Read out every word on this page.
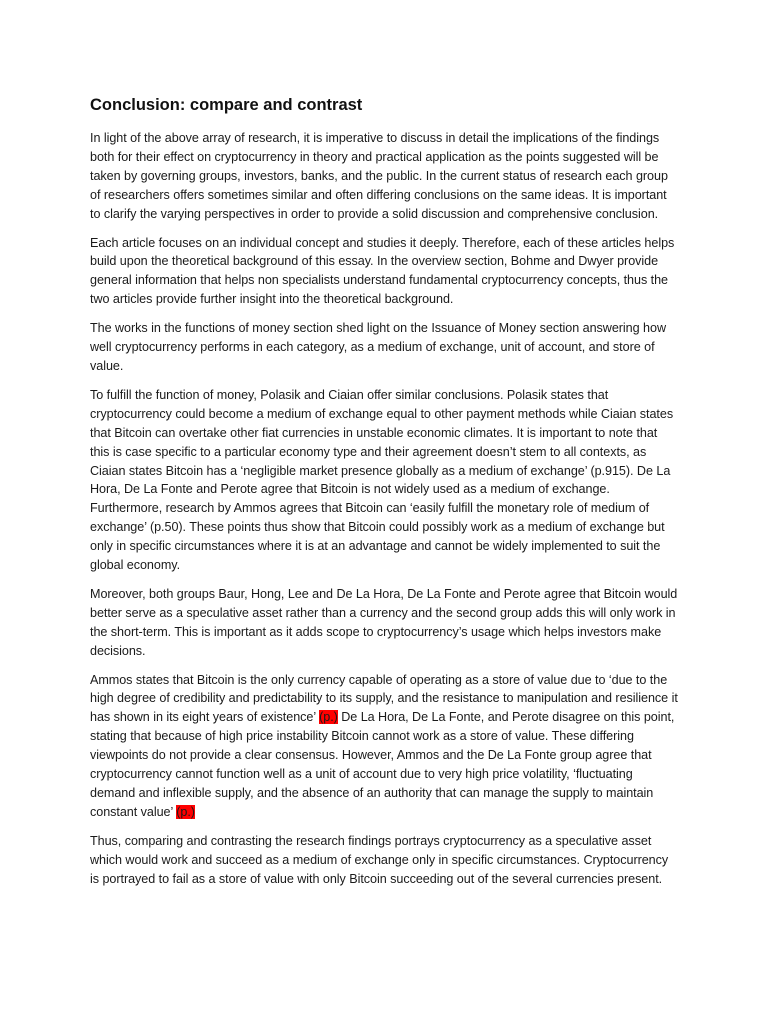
Conclusion: compare and contrast

In light of the above array of research, it is imperative to discuss in detail the implications of the findings both for their effect on cryptocurrency in theory and practical application as the points suggested will be taken by governing groups, investors, banks, and the public. In the current status of research each group of researchers offers sometimes similar and often differing conclusions on the same ideas. It is important to clarify the varying perspectives in order to provide a solid discussion and comprehensive conclusion.

Each article focuses on an individual concept and studies it deeply. Therefore, each of these articles helps build upon the theoretical background of this essay. In the overview section, Bohme and Dwyer provide general information that helps non specialists understand fundamental cryptocurrency concepts, thus the two articles provide further insight into the theoretical background.

The works in the functions of money section shed light on the Issuance of Money section answering how well cryptocurrency performs in each category, as a medium of exchange, unit of account, and store of value.

To fulfill the function of money, Polasik and Ciaian offer similar conclusions. Polasik states that cryptocurrency could become a medium of exchange equal to other payment methods while Ciaian states that Bitcoin can overtake other fiat currencies in unstable economic climates. It is important to note that this is case specific to a particular economy type and their agreement doesn’t stem to all contexts, as Ciaian states Bitcoin has a ‘negligible market presence globally as a medium of exchange’ (p.915). De La Hora, De La Fonte and Perote agree that Bitcoin is not widely used as a medium of exchange. Furthermore, research by Ammos agrees that Bitcoin can ‘easily fulfill the monetary role of medium of exchange’ (p.50). These points thus show that Bitcoin could possibly work as a medium of exchange but only in specific circumstances where it is at an advantage and cannot be widely implemented to suit the global economy.

Moreover, both groups Baur, Hong, Lee and De La Hora, De La Fonte and Perote agree that Bitcoin would better serve as a speculative asset rather than a currency and the second group adds this will only work in the short-term. This is important as it adds scope to cryptocurrency’s usage which helps investors make decisions.

Ammos states that Bitcoin is the only currency capable of operating as a store of value due to ‘due to the high degree of credibility and predictability to its supply, and the resistance to manipulation and resilience it has shown in its eight years of existence’ (p.) De La Hora, De La Fonte, and Perote disagree on this point, stating that because of high price instability Bitcoin cannot work as a store of value. These differing viewpoints do not provide a clear consensus. However, Ammos and the De La Fonte group agree that cryptocurrency cannot function well as a unit of account due to very high price volatility, ‘fluctuating demand and inflexible supply, and the absence of an authority that can manage the supply to maintain constant value’ (p.)

Thus, comparing and contrasting the research findings portrays cryptocurrency as a speculative asset which would work and succeed as a medium of exchange only in specific circumstances. Cryptocurrency is portrayed to fail as a store of value with only Bitcoin succeeding out of the several currencies present.
